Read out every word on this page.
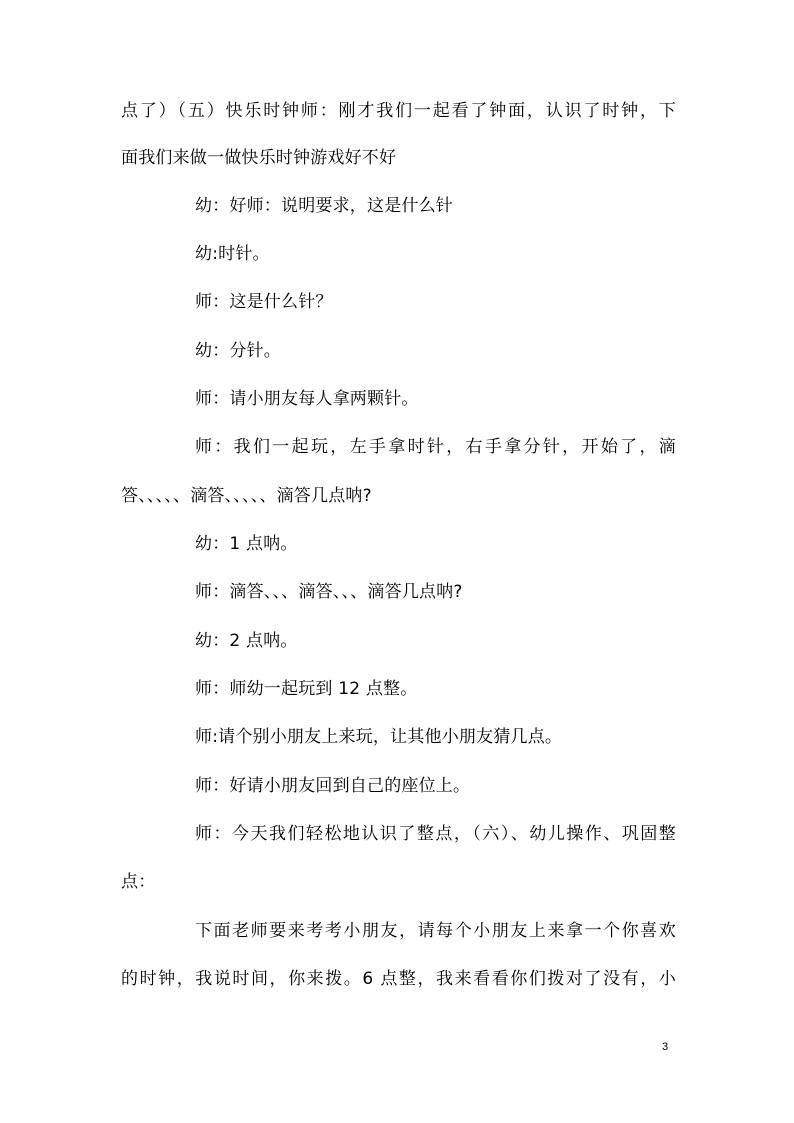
点了）（五）快乐时钟师：刚才我们一起看了钟面，认识了时钟，下
面我们来做一做快乐时钟游戏好不好
幼：好师：说明要求，这是什么针
幼:时针。
师：这是什么针？
幼：分针。
师：请小朋友每人拿两颗针。
师：我们一起玩，左手拿时针，右手拿分针，开始了，滴
答、、、、、滴答、、、、、滴答几点呐?
幼：1 点呐。
师：滴答、、、滴答、、、滴答几点呐?
幼：2 点呐。
师：师幼一起玩到 12 点整。
师:请个别小朋友上来玩，让其他小朋友猜几点。
师：好请小朋友回到自己的座位上。
师：今天我们轻松地认识了整点，（六）、幼儿操作、巩固整
点：
下面老师要来考考小朋友，请每个小朋友上来拿一个你喜欢
的时钟，我说时间，你来拨。6 点整，我来看看你们拨对了没有，小
3
